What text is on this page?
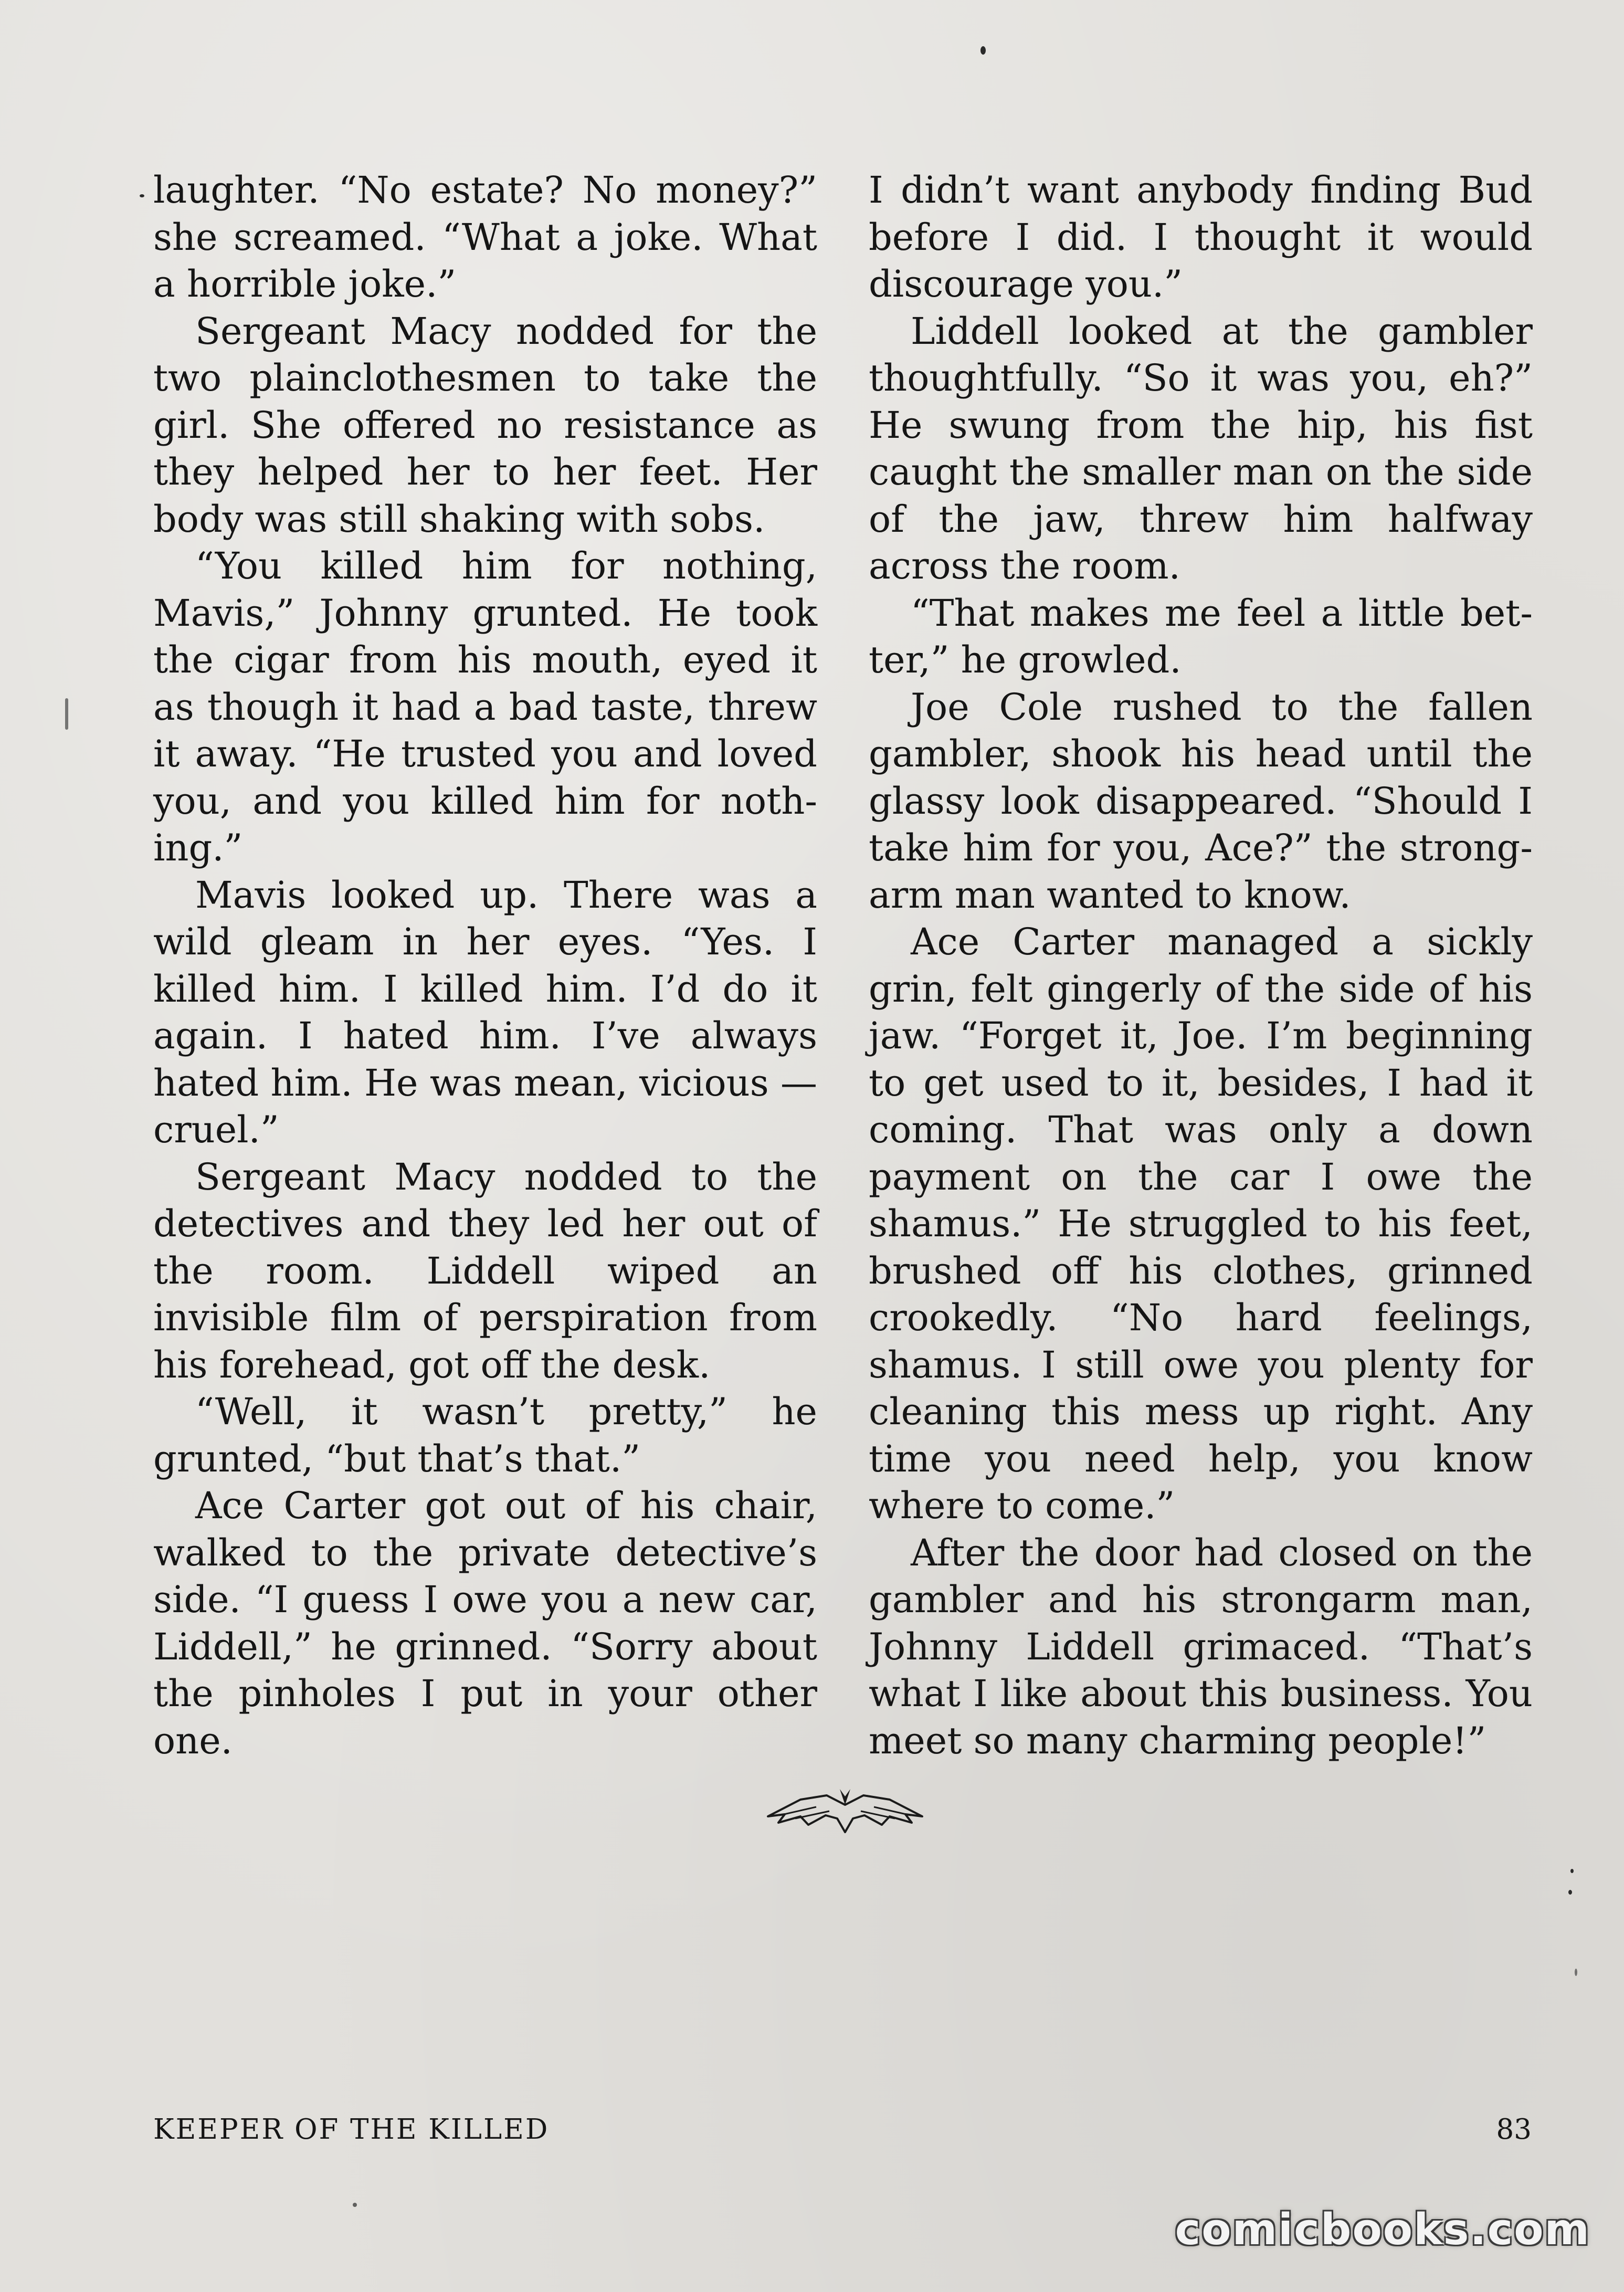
laughter. “No estate? No money?” she screamed. “What a joke. What a horrible joke.”

Sergeant Macy nodded for the two plainclothesmen to take the girl. She offered no resistance as they helped her to her feet. Her body was still shaking with sobs.

“You killed him for nothing, Mavis,” Johnny grunted. He took the cigar from his mouth, eyed it as though it had a bad taste, threw it away. “He trusted you and loved you, and you killed him for nothing.”

Mavis looked up. There was a wild gleam in her eyes. “Yes. I killed him. I killed him. I’d do it again. I hated him. I’ve always hated him. He was mean, vicious — cruel.”

Sergeant Macy nodded to the detectives and they led her out of the room. Liddell wiped an invisible film of perspiration from his forehead, got off the desk.

“Well, it wasn’t pretty,” he grunted, “but that’s that.”

Ace Carter got out of his chair, walked to the private detective’s side. “I guess I owe you a new car, Liddell,” he grinned. “Sorry about the pinholes I put in your other one.

I didn’t want anybody finding Bud before I did. I thought it would discourage you.”

Liddell looked at the gambler thoughtfully. “So it was you, eh?” He swung from the hip, his fist caught the smaller man on the side of the jaw, threw him halfway across the room.

“That makes me feel a little better,” he growled.

Joe Cole rushed to the fallen gambler, shook his head until the glassy look disappeared. “Should I take him for you, Ace?” the strongarm man wanted to know.

Ace Carter managed a sickly grin, felt gingerly of the side of his jaw. “Forget it, Joe. I’m beginning to get used to it, besides, I had it coming. That was only a down payment on the car I owe the shamus.” He struggled to his feet, brushed off his clothes, grinned crookedly. “No hard feelings, shamus. I still owe you plenty for cleaning this mess up right. Any time you need help, you know where to come.”

After the door had closed on the gambler and his strongarm man, Johnny Liddell grimaced. “That’s what I like about this business. You meet so many charming people!”

KEEPER OF THE KILLED	83
comicbooks.com
